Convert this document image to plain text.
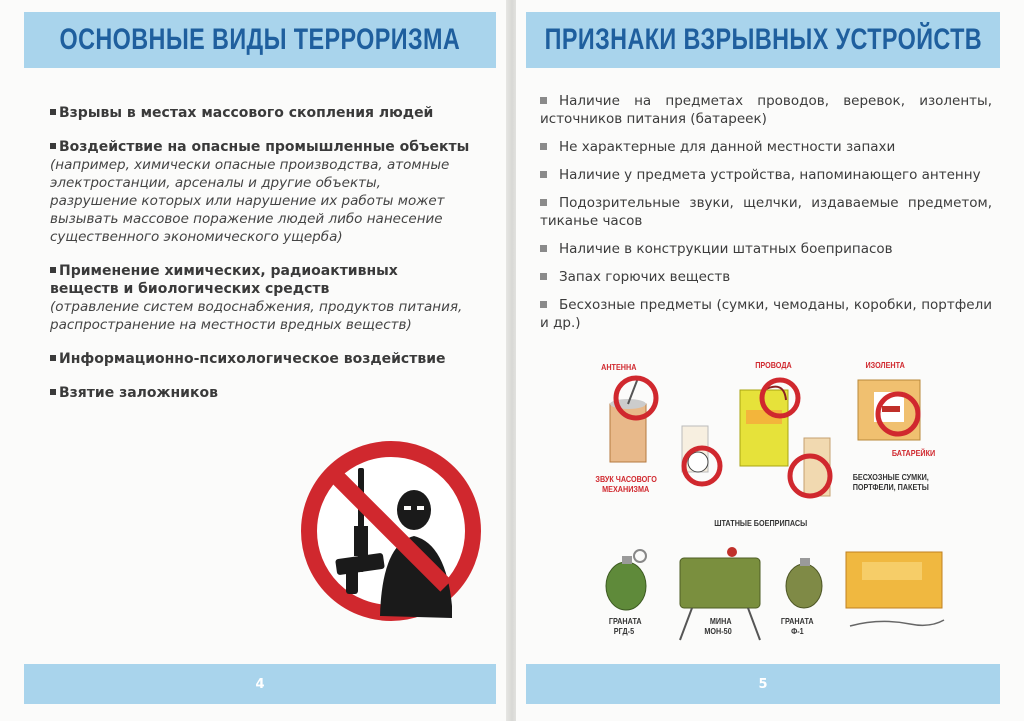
ОСНОВНЫЕ ВИДЫ ТЕРРОРИЗМА
Взрывы в местах массового скопления людей
Воздействие на опасные промышленные объекты
(например, химически опасные производства, атомные электростанции, арсеналы и другие объекты, разрушение которых или нарушение их работы может вызывать массовое поражение людей либо нанесение существенного экономического ущерба)
Применение химических, радиоактивных веществ и биологических средств
(отравление систем водоснабжения, продуктов питания, распространение на местности вредных веществ)
Информационно-психологическое воздействие
Взятие заложников
4
ПРИЗНАКИ ВЗРЫВНЫХ УСТРОЙСТВ
Наличие на предметах проводов, веревок, изоленты, источников питания (батареек)
Не характерные для данной местности запахи
Наличие у предмета устройства, напоминающего антенну
Подозрительные звуки, щелчки, издаваемые предметом, тиканье часов
Наличие в конструкции штатных боеприпасов
Запах горючих веществ
Бесхозные предметы (сумки, чемоданы, коробки, портфели и др.)
АНТЕННА	ПРОВОДА	ИЗОЛЕНТА
БАТАРЕЙКИ
ЗВУК ЧАСОВОГО
МЕХАНИЗМА
БЕСХОЗНЫЕ СУМКИ,
ПОРТФЕЛИ, ПАКЕТЫ
ШТАТНЫЕ БОЕПРИПАСЫ
ГРАНАТА
РГД-5
МИНА
МОН-50
ГРАНАТА
Ф-1
5
